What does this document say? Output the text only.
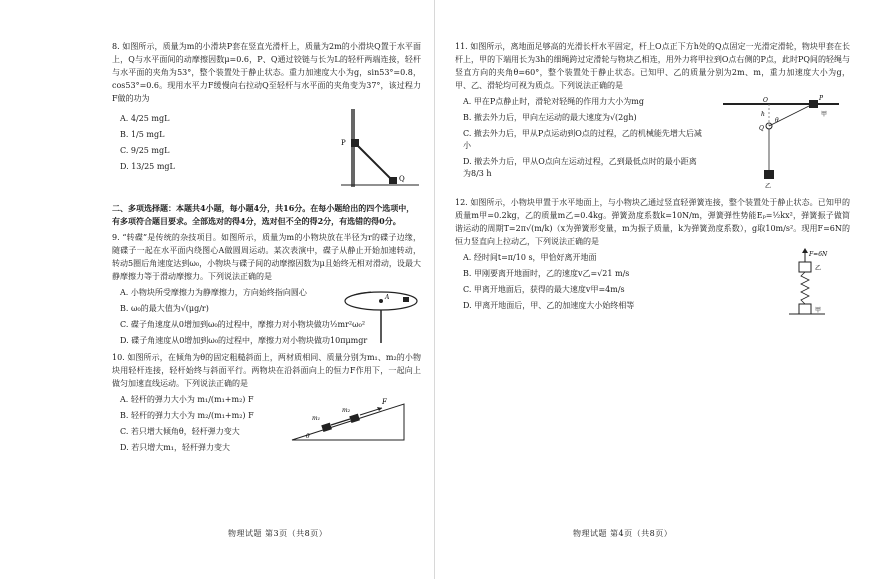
8. 如图所示，质量为m的小滑块P套在竖直光滑杆上，质量为2m的小滑块Q置于水平面上，Q与水平面间的动摩擦因数μ=0.6，P、Q通过铰链与长为L的轻杆两端连接，轻杆与水平面的夹角为53°，整个装置处于静止状态。重力加速度大小为g，sin53°=0.8，cos53°=0.6。现用水平力F缓慢向右拉动Q至轻杆与水平面的夹角变为37°，该过程力F做的功为
A. 4/25 mgL
B. 1/5 mgL
C. 9/25 mgL
D. 13/25 mgL
P
Q
二、多项选择题：本题共4小题，每小题4分，共16分。在每小题给出的四个选项中，有多项符合题目要求。全部选对的得4分，选对但不全的得2分，有选错的得0分。
9. “转碟”是传统的杂技项目。如图所示，质量为m的小物块放在半径为r的碟子边缘，随碟子一起在水平面内绕图心A做圆周运动。某次表演中，碟子从静止开始加速转动，转动5圈后角速度达到ω₀，小物块与碟子间的动摩擦因数为μ且始终无相对滑动，设最大静摩擦力等于滑动摩擦力。下列说法正确的是
A. 小物块所受摩擦力为静摩擦力，方向始终指向圆心
B. ω₀的最大值为√(μg/r)
A
C. 碟子角速度从0增加到ω₀的过程中，摩擦力对小物块做功½mr²ω₀²
D. 碟子角速度从0增加到ω₀的过程中，摩擦力对小物块做功10πμmgr
10. 如图所示，在倾角为θ的固定粗糙斜面上，两材质相同、质量分别为m₁、m₂的小物块用轻杆连接，轻杆始终与斜面平行。两物块在沿斜面向上的恒力F作用下，一起向上做匀加速直线运动。下列说法正确的是
A. 轻杆的弹力大小为 m₁/(m₁+m₂) F
B. 轻杆的弹力大小为 m₂/(m₁+m₂) F
C. 若只增大倾角θ，轻杆弹力变大
D. 若只增大m₁，轻杆弹力变大
F
m₁
m₂
θ
物理试题 第3页（共8页）
11. 如图所示，离地面足够高的光滑长杆水平固定，杆上O点正下方h处的Q点固定一光滑定滑轮，物块甲套在长杆上，甲的下端用长为3h的细绳跨过定滑轮与物块乙相连，用外力将甲拉到O点右侧的P点，此时PQ间的轻绳与竖直方向的夹角θ=60°，整个装置处于静止状态。已知甲、乙的质量分别为2m、m，重力加速度大小为g，甲、乙、滑轮均可视为质点。下列说法正确的是
A. 甲在P点静止时，滑轮对轻绳的作用力大小为mg
B. 撤去外力后，甲向左运动的最大速度为√(2gh)
C. 撤去外力后，甲从P点运动到O点的过程，乙的机械能先增大后减小
D. 撤去外力后，甲从O点向左运动过程，乙到最低点时的最小距离为8/3 h
O	P
Q
h
θ
甲
乙
12. 如图所示，小物块甲置于水平地面上，与小物块乙通过竖直轻弹簧连接，整个装置处于静止状态。已知甲的质量m甲=0.2kg，乙的质量m乙=0.4kg。弹簧劲度系数k=10N/m，弹簧弹性势能Eₚ=½kx²，弹簧振子做简谐运动的周期T=2π√(m/k)（x为弹簧形变量，m为振子质量，k为弹簧劲度系数），g取10m/s²。现用F=6N的恒力竖直向上拉动乙，下列说法正确的是
A. 经时间t=π/10 s，甲恰好离开地面
B. 甲刚要离开地面时，乙的速度v乙=√21 m/s
C. 甲离开地面后，获得的最大速度v甲=4m/s
D. 甲离开地面后，甲、乙的加速度大小始终相等
F=6N
乙
甲
物理试题 第4页（共8页）
